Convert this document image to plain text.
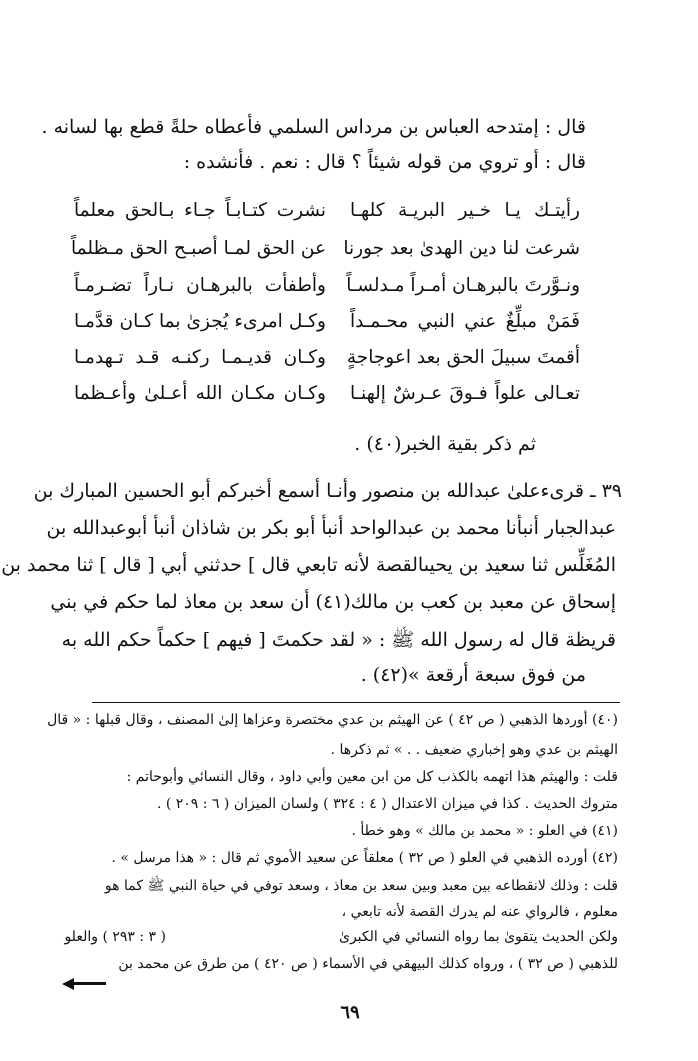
قال : إمتدحه العباس بن مرداس السلمي فأعطاه حلةً قطع بها لسانه .
قال : أو تروي من قوله شيئاً ؟ قال : نعم . فأنشده :
رأيتـك يـا خـير البريـة كلهـا
نشرت كتـابـاً جـاء بـالحق معلماً
شرعت لنا دين الهدىٰ بعد جورنا
عن الحق لمـا أصبـح الحق مـظلماً
ونـوَّرتَ بالبرهـان أمـراً مـدلسـاً
وأطفأت بالبرهـان نـاراً تضـرمـاً
فَمَنْ مبلِّغٌ عني النبي محـمـداً
وكـل امرىء يُجزىٰ بما كـان قدَّمـا
أقمتَ سبيلَ الحق بعد اعوجاجةٍ
وكـان قديـمـا ركنـه قـد تـهدمـا
تعـالى علواً فـوقَ عـرشٌ إلهنـا
وكـان مكـان الله أعـلىٰ وأعـظما
ثم ذكر بقية الخبر(٤٠) .
٣٩ ـ قرىءعلىٰ عبدالله بن منصور وأنـا أسمع أخبركم أبو الحسين المبارك بن
عبدالجبار أنبأنا محمد بن عبدالواحد أنبأ أبو بكر بن شاذان أنبأ أبوعبدالله بن
المُغَلِّس ثنا سعيد بن يحيىالقصة لأنه تابعي قال ] حدثني أبي [ قال ] ثنا محمد بن
إسحاق عن معبد بن كعب بن مالك(٤١) أن سعد بن معاذ لما حكم في بني
قريظة قال له رسول الله ﷺ : « لقد حكمتَ [ فيهم ] حكماً حكم الله به
من فوق سبعة أرقعة »(٤٢) .
(٤٠) أوردها الذهبي ( ص ٤٢ ) عن الهيثم بن عدي مختصرة وعزاها إلىٰ المصنف ، وقال قبلها : « قال
الهيثم بن عدي وهو إخباري ضعيف . . » ثم ذكرها .
قلت : والهيثم هذا اتهمه بالكذب كل من ابن معين وأبي داود ، وقال النسائي وأبوحاتم :
متروك الحديث . كذا في ميزان الاعتدال ( ٤ : ٣٢٤ ) ولسان الميزان ( ٦ : ٢٠٩ ) .
(٤١) في العلو : « محمد بن مالك » وهو خطأ .
(٤٢) أورده الذهبي في العلو ( ص ٣٢ ) معلقاً عن سعيد الأموي ثم قال : « هذا مرسل » .
قلت : وذلك لانقطاعه بين معبد وبين سعد بن معاذ ، وسعد توفي في حياة النبي ﷺ كما هو
معلوم ، فالرواي عنه لم يدرك القصة لأنه تابعي ،
ولكن الحديث يتقوىٰ بما رواه النسائي في الكبرىٰ
( ٣ : ٢٩٣ ) والعلو
للذهبي ( ص ٣٢ ) ، ورواه كذلك البيهقي في الأسماء ( ص ٤٢٠ ) من طرق عن محمد بن
٦٩
